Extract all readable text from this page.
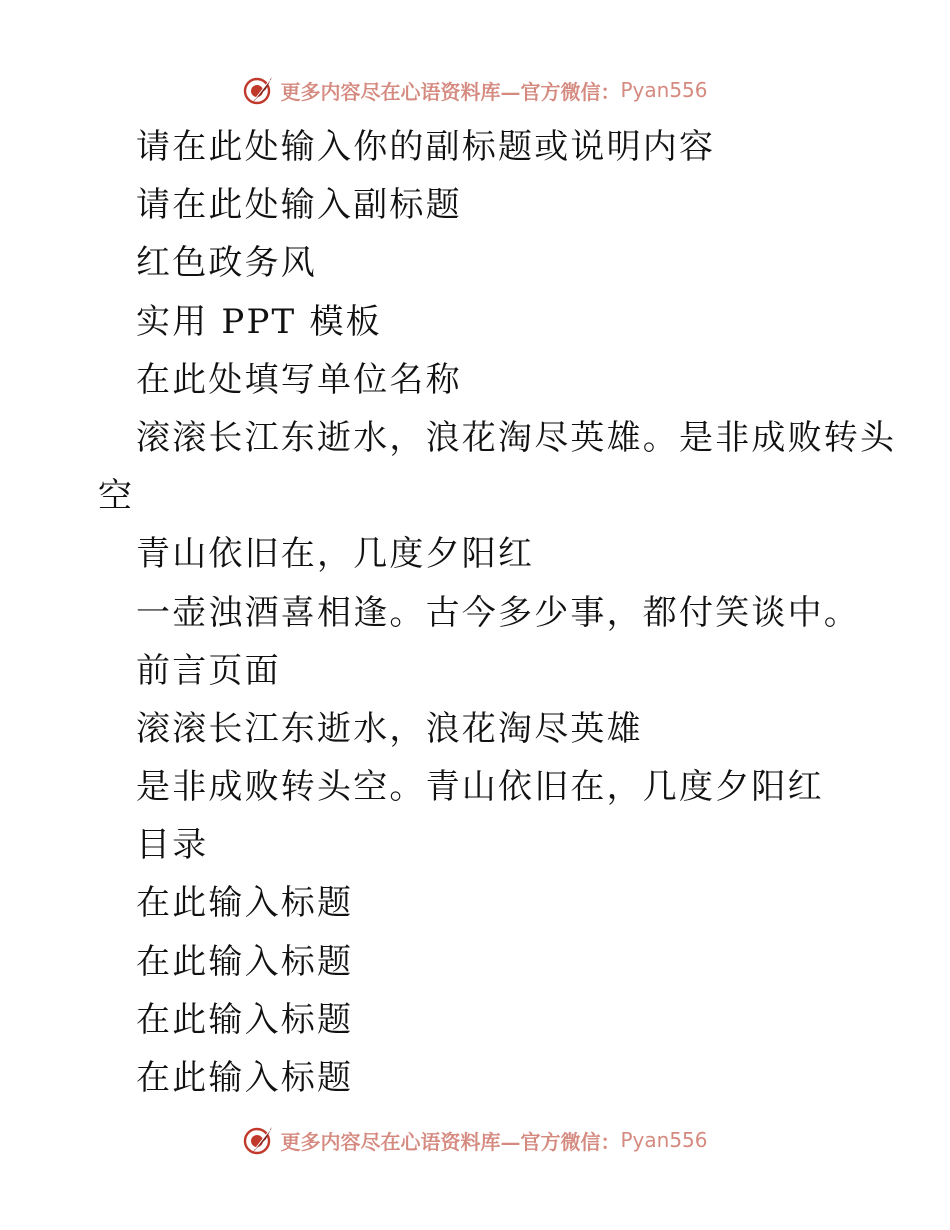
更多内容尽在心语资料库—官方微信： Pyan556
请在此处输入你的副标题或说明内容
请在此处输入副标题
红色政务风
实用 PPT 模板
在此处填写单位名称
滚滚长江东逝水，浪花淘尽英雄。是非成败转头
空
青山依旧在，几度夕阳红
一壶浊酒喜相逢。古今多少事，都付笑谈中。
前言页面
滚滚长江东逝水，浪花淘尽英雄
是非成败转头空。青山依旧在，几度夕阳红
目录
在此输入标题
在此输入标题
在此输入标题
在此输入标题
更多内容尽在心语资料库—官方微信： Pyan556
